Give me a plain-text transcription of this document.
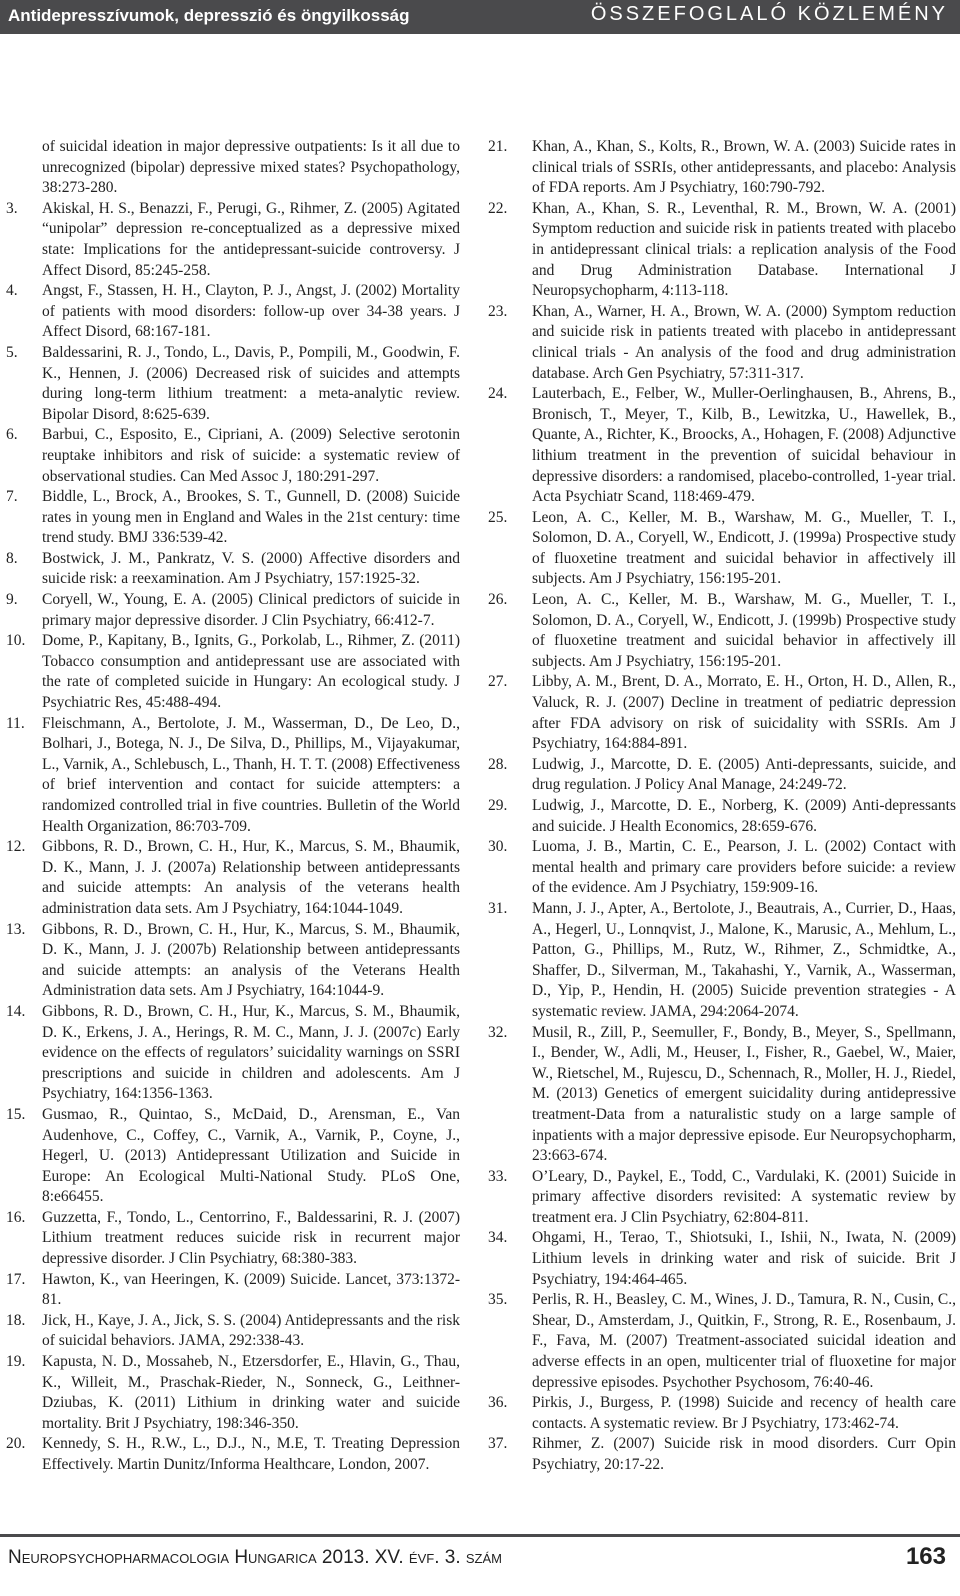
Antidepresszívumok, depresszió és öngyilkosság	ÖSSZEFOGLALÓ KÖZLEMÉNY

of suicidal ideation in major depressive outpatients: Is it all due to unrecognized (bipolar) depressive mixed states? Psychopathology, 38:273-280.

3.	Akiskal, H. S., Benazzi, F., Perugi, G., Rihmer, Z. (2005) Agitated “unipolar” depression re-conceptualized as a depressive mixed state: Implications for the antidepressant-suicide controversy. J Affect Disord, 85:245-258.

4.	Angst, F., Stassen, H. H., Clayton, P. J., Angst, J. (2002) Mortality of patients with mood disorders: follow-up over 34-38 years. J Affect Disord, 68:167-181.

5.	Baldessarini, R. J., Tondo, L., Davis, P., Pompili, M., Goodwin, F. K., Hennen, J. (2006) Decreased risk of suicides and attempts during long-term lithium treatment: a meta-analytic review. Bipolar Disord, 8:625-639.

6.	Barbui, C., Esposito, E., Cipriani, A. (2009) Selective serotonin reuptake inhibitors and risk of suicide: a systematic review of observational studies. Can Med Assoc J, 180:291-297.

7.	Biddle, L., Brock, A., Brookes, S. T., Gunnell, D. (2008) Suicide rates in young men in England and Wales in the 21st century: time trend study. BMJ 336:539-42.

8.	Bostwick, J. M., Pankratz, V. S. (2000) Affective disorders and suicide risk: a reexamination. Am J Psychiatry, 157:1925-32.

9.	Coryell, W., Young, E. A. (2005) Clinical predictors of suicide in primary major depressive disorder. J Clin Psychiatry, 66:412-7.

10.	Dome, P., Kapitany, B., Ignits, G., Porkolab, L., Rihmer, Z. (2011) Tobacco consumption and antidepressant use are associated with the rate of completed suicide in Hungary: An ecological study. J Psychiatric Res, 45:488-494.

11.	Fleischmann, A., Bertolote, J. M., Wasserman, D., De Leo, D., Bolhari, J., Botega, N. J., De Silva, D., Phillips, M., Vijayakumar, L., Varnik, A., Schlebusch, L., Thanh, H. T. T. (2008) Effectiveness of brief intervention and contact for suicide attempters: a randomized controlled trial in five countries. Bulletin of the World Health Organization, 86:703-709.

12.	Gibbons, R. D., Brown, C. H., Hur, K., Marcus, S. M., Bhaumik, D. K., Mann, J. J. (2007a) Relationship between antidepressants and suicide attempts: An analysis of the veterans health administration data sets. Am J Psychiatry, 164:1044-1049.

13.	Gibbons, R. D., Brown, C. H., Hur, K., Marcus, S. M., Bhaumik, D. K., Mann, J. J. (2007b) Relationship between antidepressants and suicide attempts: an analysis of the Veterans Health Administration data sets. Am J Psychiatry, 164:1044-9.

14.	Gibbons, R. D., Brown, C. H., Hur, K., Marcus, S. M., Bhaumik, D. K., Erkens, J. A., Herings, R. M. C., Mann, J. J. (2007c) Early evidence on the effects of regulators’ suicidality warnings on SSRI prescriptions and suicide in children and adolescents. Am J Psychiatry, 164:1356-1363.

15.	Gusmao, R., Quintao, S., McDaid, D., Arensman, E., Van Audenhove, C., Coffey, C., Varnik, A., Varnik, P., Coyne, J., Hegerl, U. (2013) Antidepressant Utilization and Suicide in Europe: An Ecological Multi-National Study. PLoS One, 8:e66455.

16.	Guzzetta, F., Tondo, L., Centorrino, F., Baldessarini, R. J. (2007) Lithium treatment reduces suicide risk in recurrent major depressive disorder. J Clin Psychiatry, 68:380-383.

17.	Hawton, K., van Heeringen, K. (2009) Suicide. Lancet, 373:1372-81.

18.	Jick, H., Kaye, J. A., Jick, S. S. (2004) Antidepressants and the risk of suicidal behaviors. JAMA, 292:338-43.

19.	Kapusta, N. D., Mossaheb, N., Etzersdorfer, E., Hlavin, G., Thau, K., Willeit, M., Praschak-Rieder, N., Sonneck, G., Leithner-Dziubas, K. (2011) Lithium in drinking water and suicide mortality. Brit J Psychiatry, 198:346-350.

20.	Kennedy, S. H., R.W., L., D.J., N., M.E, T. Treating Depression Effectively. Martin Dunitz/Informa Healthcare, London, 2007.

21.	Khan, A., Khan, S., Kolts, R., Brown, W. A. (2003) Suicide rates in clinical trials of SSRIs, other antidepressants, and placebo: Analysis of FDA reports. Am J Psychiatry, 160:790-792.

22.	Khan, A., Khan, S. R., Leventhal, R. M., Brown, W. A. (2001) Symptom reduction and suicide risk in patients treated with placebo in antidepressant clinical trials: a replication analysis of the Food and Drug Administration Database. International J Neuropsychopharm, 4:113-118.

23.	Khan, A., Warner, H. A., Brown, W. A. (2000) Symptom reduction and suicide risk in patients treated with placebo in antidepressant clinical trials - An analysis of the food and drug administration database. Arch Gen Psychiatry, 57:311-317.

24.	Lauterbach, E., Felber, W., Muller-Oerlinghausen, B., Ahrens, B., Bronisch, T., Meyer, T., Kilb, B., Lewitzka, U., Hawellek, B., Quante, A., Richter, K., Broocks, A., Hohagen, F. (2008) Adjunctive lithium treatment in the prevention of suicidal behaviour in depressive disorders: a randomised, placebo-controlled, 1-year trial. Acta Psychiatr Scand, 118:469-479.

25.	Leon, A. C., Keller, M. B., Warshaw, M. G., Mueller, T. I., Solomon, D. A., Coryell, W., Endicott, J. (1999a) Prospective study of fluoxetine treatment and suicidal behavior in affectively ill subjects. Am J Psychiatry, 156:195-201.

26.	Leon, A. C., Keller, M. B., Warshaw, M. G., Mueller, T. I., Solomon, D. A., Coryell, W., Endicott, J. (1999b) Prospective study of fluoxetine treatment and suicidal behavior in affectively ill subjects. Am J Psychiatry, 156:195-201.

27.	Libby, A. M., Brent, D. A., Morrato, E. H., Orton, H. D., Allen, R., Valuck, R. J. (2007) Decline in treatment of pediatric depression after FDA advisory on risk of suicidality with SSRIs. Am J Psychiatry, 164:884-891.

28.	Ludwig, J., Marcotte, D. E. (2005) Anti-depressants, suicide, and drug regulation. J Policy Anal Manage, 24:249-72.

29.	Ludwig, J., Marcotte, D. E., Norberg, K. (2009) Anti-depressants and suicide. J Health Economics, 28:659-676.

30.	Luoma, J. B., Martin, C. E., Pearson, J. L. (2002) Contact with mental health and primary care providers before suicide: a review of the evidence. Am J Psychiatry, 159:909-16.

31.	Mann, J. J., Apter, A., Bertolote, J., Beautrais, A., Currier, D., Haas, A., Hegerl, U., Lonnqvist, J., Malone, K., Marusic, A., Mehlum, L., Patton, G., Phillips, M., Rutz, W., Rihmer, Z., Schmidtke, A., Shaffer, D., Silverman, M., Takahashi, Y., Varnik, A., Wasserman, D., Yip, P., Hendin, H. (2005) Suicide prevention strategies - A systematic review. JAMA, 294:2064-2074.

32.	Musil, R., Zill, P., Seemuller, F., Bondy, B., Meyer, S., Spellmann, I., Bender, W., Adli, M., Heuser, I., Fisher, R., Gaebel, W., Maier, W., Rietschel, M., Rujescu, D., Schennach, R., Moller, H. J., Riedel, M. (2013) Genetics of emergent suicidality during antidepressive treatment-Data from a naturalistic study on a large sample of inpatients with a major depressive episode. Eur Neuropsychopharm, 23:663-674.

33.	O’Leary, D., Paykel, E., Todd, C., Vardulaki, K. (2001) Suicide in primary affective disorders revisited: A systematic review by treatment era. J Clin Psychiatry, 62:804-811.

34.	Ohgami, H., Terao, T., Shiotsuki, I., Ishii, N., Iwata, N. (2009) Lithium levels in drinking water and risk of suicide. Brit J Psychiatry, 194:464-465.

35.	Perlis, R. H., Beasley, C. M., Wines, J. D., Tamura, R. N., Cusin, C., Shear, D., Amsterdam, J., Quitkin, F., Strong, R. E., Rosenbaum, J. F., Fava, M. (2007) Treatment-associated suicidal ideation and adverse effects in an open, multicenter trial of fluoxetine for major depressive episodes. Psychother Psychosom, 76:40-46.

36.	Pirkis, J., Burgess, P. (1998) Suicide and recency of health care contacts. A systematic review. Br J Psychiatry, 173:462-74.

37.	Rihmer, Z. (2007) Suicide risk in mood disorders. Curr Opin Psychiatry, 20:17-22.

Neuropsychopharmacologia Hungarica 2013. XV. évf. 3. szám	163
